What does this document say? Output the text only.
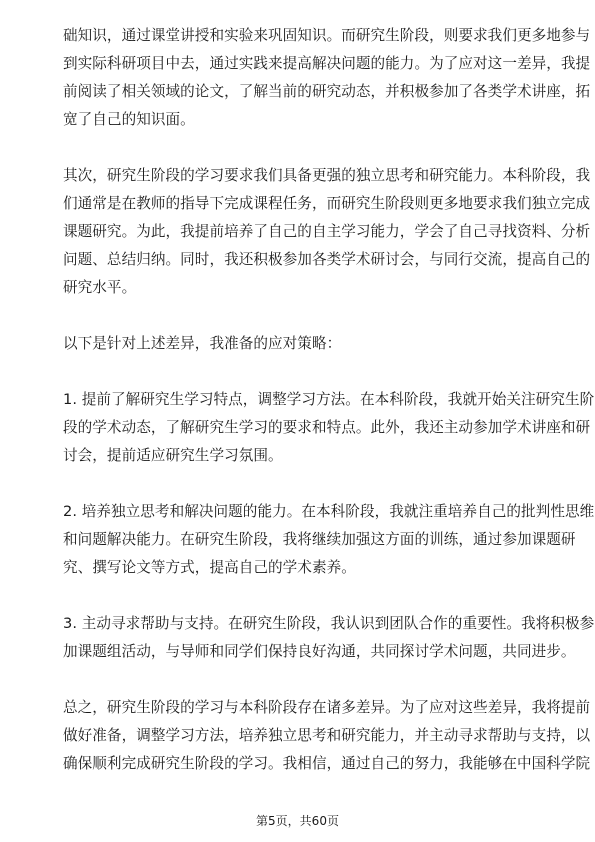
础知识，通过课堂讲授和实验来巩固知识。而研究生阶段，则要求我们更多地参与
到实际科研项目中去，通过实践来提高解决问题的能力。为了应对这一差异，我提
前阅读了相关领域的论文，了解当前的研究动态，并积极参加了各类学术讲座，拓
宽了自己的知识面。
其次，研究生阶段的学习要求我们具备更强的独立思考和研究能力。本科阶段，我
们通常是在教师的指导下完成课程任务，而研究生阶段则更多地要求我们独立完成
课题研究。为此，我提前培养了自己的自主学习能力，学会了自己寻找资料、分析
问题、总结归纳。同时，我还积极参加各类学术研讨会，与同行交流，提高自己的
研究水平。
以下是针对上述差异，我准备的应对策略：
1. 提前了解研究生学习特点，调整学习方法。在本科阶段，我就开始关注研究生阶
段的学术动态，了解研究生学习的要求和特点。此外，我还主动参加学术讲座和研
讨会，提前适应研究生学习氛围。
2. 培养独立思考和解决问题的能力。在本科阶段，我就注重培养自己的批判性思维
和问题解决能力。在研究生阶段，我将继续加强这方面的训练，通过参加课题研
究、撰写论文等方式，提高自己的学术素养。
3. 主动寻求帮助与支持。在研究生阶段，我认识到团队合作的重要性。我将积极参
加课题组活动，与导师和同学们保持良好沟通，共同探讨学术问题，共同进步。
总之，研究生阶段的学习与本科阶段存在诸多差异。为了应对这些差异，我将提前
做好准备，调整学习方法，培养独立思考和研究能力，并主动寻求帮助与支持，以
确保顺利完成研究生阶段的学习。我相信，通过自己的努力，我能够在中国科学院
第5页，共60页
